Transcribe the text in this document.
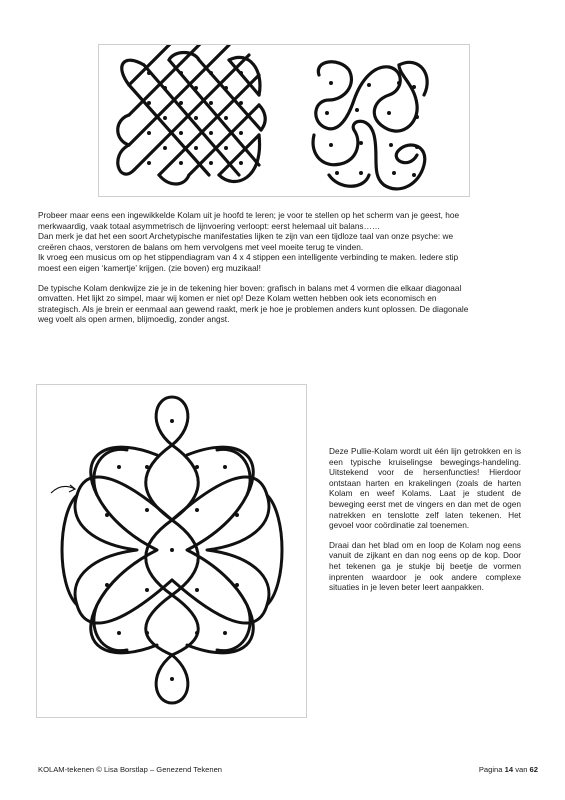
Probeer maar eens een ingewikkelde Kolam uit je hoofd te leren; je voor te stellen op het scherm van je geest, hoe
merkwaardig, vaak totaal asymmetrisch de lijnvoering verloopt: eerst helemaal uit balans……
Dan merk je dat het een soort Archetypische manifestaties lijken te zijn van een tijdloze taal van onze psyche: we
creëren chaos, verstoren de balans om hem vervolgens met veel moeite terug te vinden.
Ik vroeg een musicus om op het stippendiagram van 4 x 4 stippen een intelligente verbinding te maken. Iedere stip
moest een eigen ‘kamertje’ krijgen. (zie boven) erg muzikaal!

De typische Kolam denkwijze zie je in de tekening hier boven: grafisch in balans met 4 vormen die elkaar diagonaal
omvatten. Het lijkt zo simpel, maar wij komen er niet op! Deze Kolam wetten hebben ook iets economisch en
strategisch. Als je brein er eenmaal aan gewend raakt, merk je hoe je problemen anders kunt oplossen. De diagonale
weg voelt als open armen, blijmoedig, zonder angst.

Deze Pullie-Kolam wordt uit één lijn getrokken en is een typische kruiselingse bewegings-handeling. Uitstekend voor de hersenfuncties! Hierdoor ontstaan harten en krakelingen (zoals de harten Kolam en weef Kolams. Laat je student de beweging eerst met de vingers en dan met de ogen natrekken en tenslotte zelf laten tekenen. Het gevoel voor coördinatie zal toenemen.

Draai dan het blad om en loop de Kolam nog eens vanuit de zijkant en dan nog eens op de kop. Door het tekenen ga je stukje bij beetje de vormen inprenten waardoor je ook andere complexe situaties in je leven beter leert aanpakken.

KOLAM-tekenen © Lisa Borstlap – Genezend Tekenen	Pagina 14 van 62
